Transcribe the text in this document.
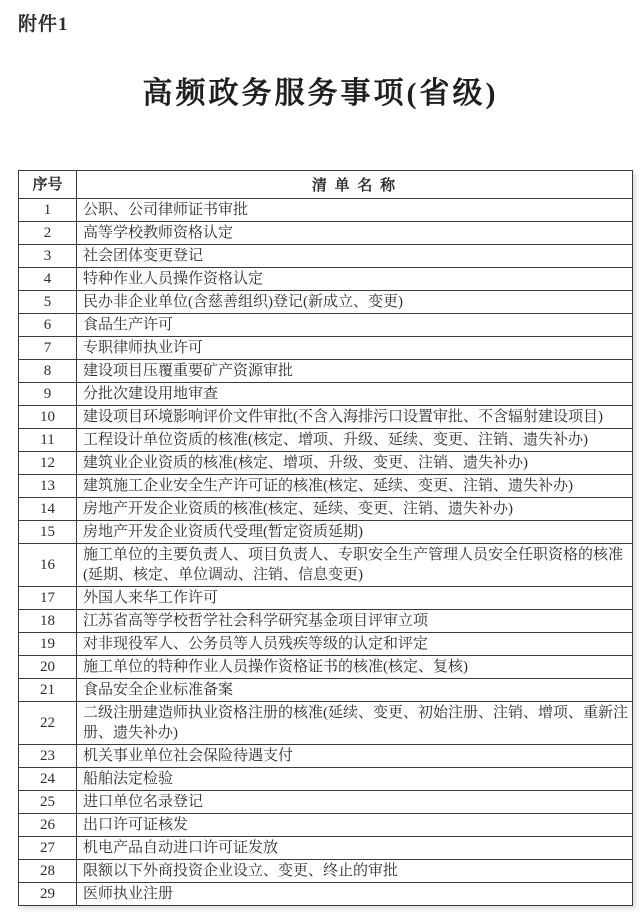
附件1
高频政务服务事项(省级)
序号	清 单 名 称
1	公职、公司律师证书审批
2	高等学校教师资格认定
3	社会团体变更登记
4	特种作业人员操作资格认定
5	民办非企业单位(含慈善组织)登记(新成立、变更)
6	食品生产许可
7	专职律师执业许可
8	建设项目压覆重要矿产资源审批
9	分批次建设用地审查
10	建设项目环境影响评价文件审批(不含入海排污口设置审批、不含辐射建设项目)
11	工程设计单位资质的核准(核定、增项、升级、延续、变更、注销、遗失补办)
12	建筑业企业资质的核准(核定、增项、升级、变更、注销、遗失补办)
13	建筑施工企业安全生产许可证的核准(核定、延续、变更、注销、遗失补办)
14	房地产开发企业资质的核准(核定、延续、变更、注销、遗失补办)
15	房地产开发企业资质代受理(暂定资质延期)
16	施工单位的主要负责人、项目负责人、专职安全生产管理人员安全任职资格的核准(延期、核定、单位调动、注销、信息变更)
17	外国人来华工作许可
18	江苏省高等学校哲学社会科学研究基金项目评审立项
19	对非现役军人、公务员等人员残疾等级的认定和评定
20	施工单位的特种作业人员操作资格证书的核准(核定、复核)
21	食品安全企业标准备案
22	二级注册建造师执业资格注册的核准(延续、变更、初始注册、注销、增项、重新注册、遗失补办)
23	机关事业单位社会保险待遇支付
24	船舶法定检验
25	进口单位名录登记
26	出口许可证核发
27	机电产品自动进口许可证发放
28	限额以下外商投资企业设立、变更、终止的审批
29	医师执业注册
